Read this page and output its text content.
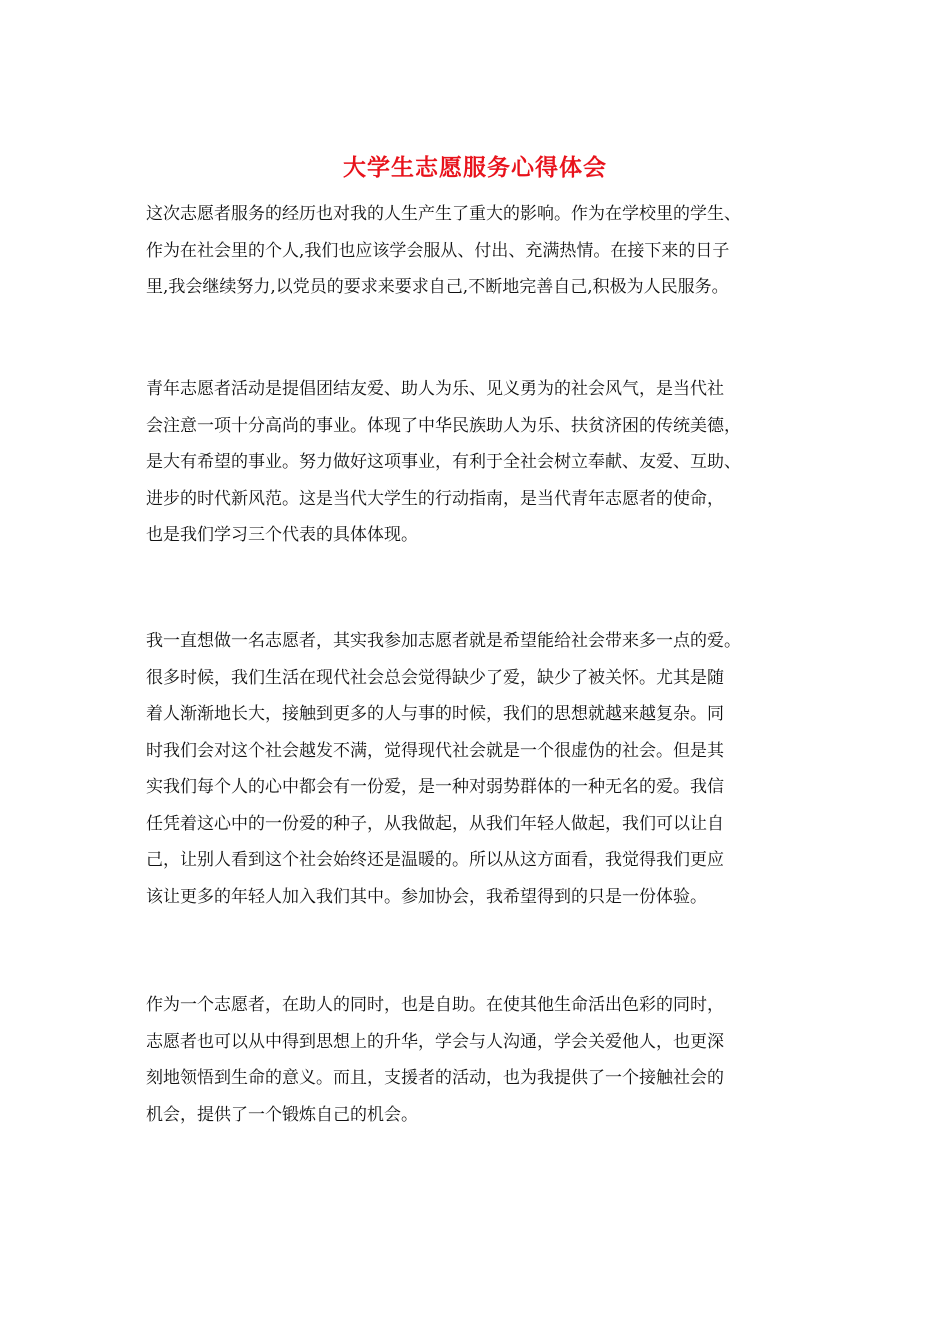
大学生志愿服务心得体会

这次志愿者服务的经历也对我的人生产生了重大的影响。作为在学校里的学生、
作为在社会里的个人,我们也应该学会服从、付出、充满热情。在接下来的日子
里,我会继续努力,以党员的要求来要求自己,不断地完善自己,积极为人民服务。

青年志愿者活动是提倡团结友爱、助人为乐、见义勇为的社会风气，是当代社
会注意一项十分高尚的事业。体现了中华民族助人为乐、扶贫济困的传统美德，
是大有希望的事业。努力做好这项事业，有利于全社会树立奉献、友爱、互助、
进步的时代新风范。这是当代大学生的行动指南，是当代青年志愿者的使命，
也是我们学习三个代表的具体体现。

我一直想做一名志愿者，其实我参加志愿者就是希望能给社会带来多一点的爱。
很多时候，我们生活在现代社会总会觉得缺少了爱，缺少了被关怀。尤其是随
着人渐渐地长大，接触到更多的人与事的时候，我们的思想就越来越复杂。同
时我们会对这个社会越发不满，觉得现代社会就是一个很虚伪的社会。但是其
实我们每个人的心中都会有一份爱，是一种对弱势群体的一种无名的爱。我信
任凭着这心中的一份爱的种子，从我做起，从我们年轻人做起，我们可以让自
己，让别人看到这个社会始终还是温暖的。所以从这方面看，我觉得我们更应
该让更多的年轻人加入我们其中。参加协会，我希望得到的只是一份体验。

作为一个志愿者，在助人的同时，也是自助。在使其他生命活出色彩的同时，
志愿者也可以从中得到思想上的升华，学会与人沟通，学会关爱他人，也更深
刻地领悟到生命的意义。而且，支援者的活动，也为我提供了一个接触社会的
机会，提供了一个锻炼自己的机会。
